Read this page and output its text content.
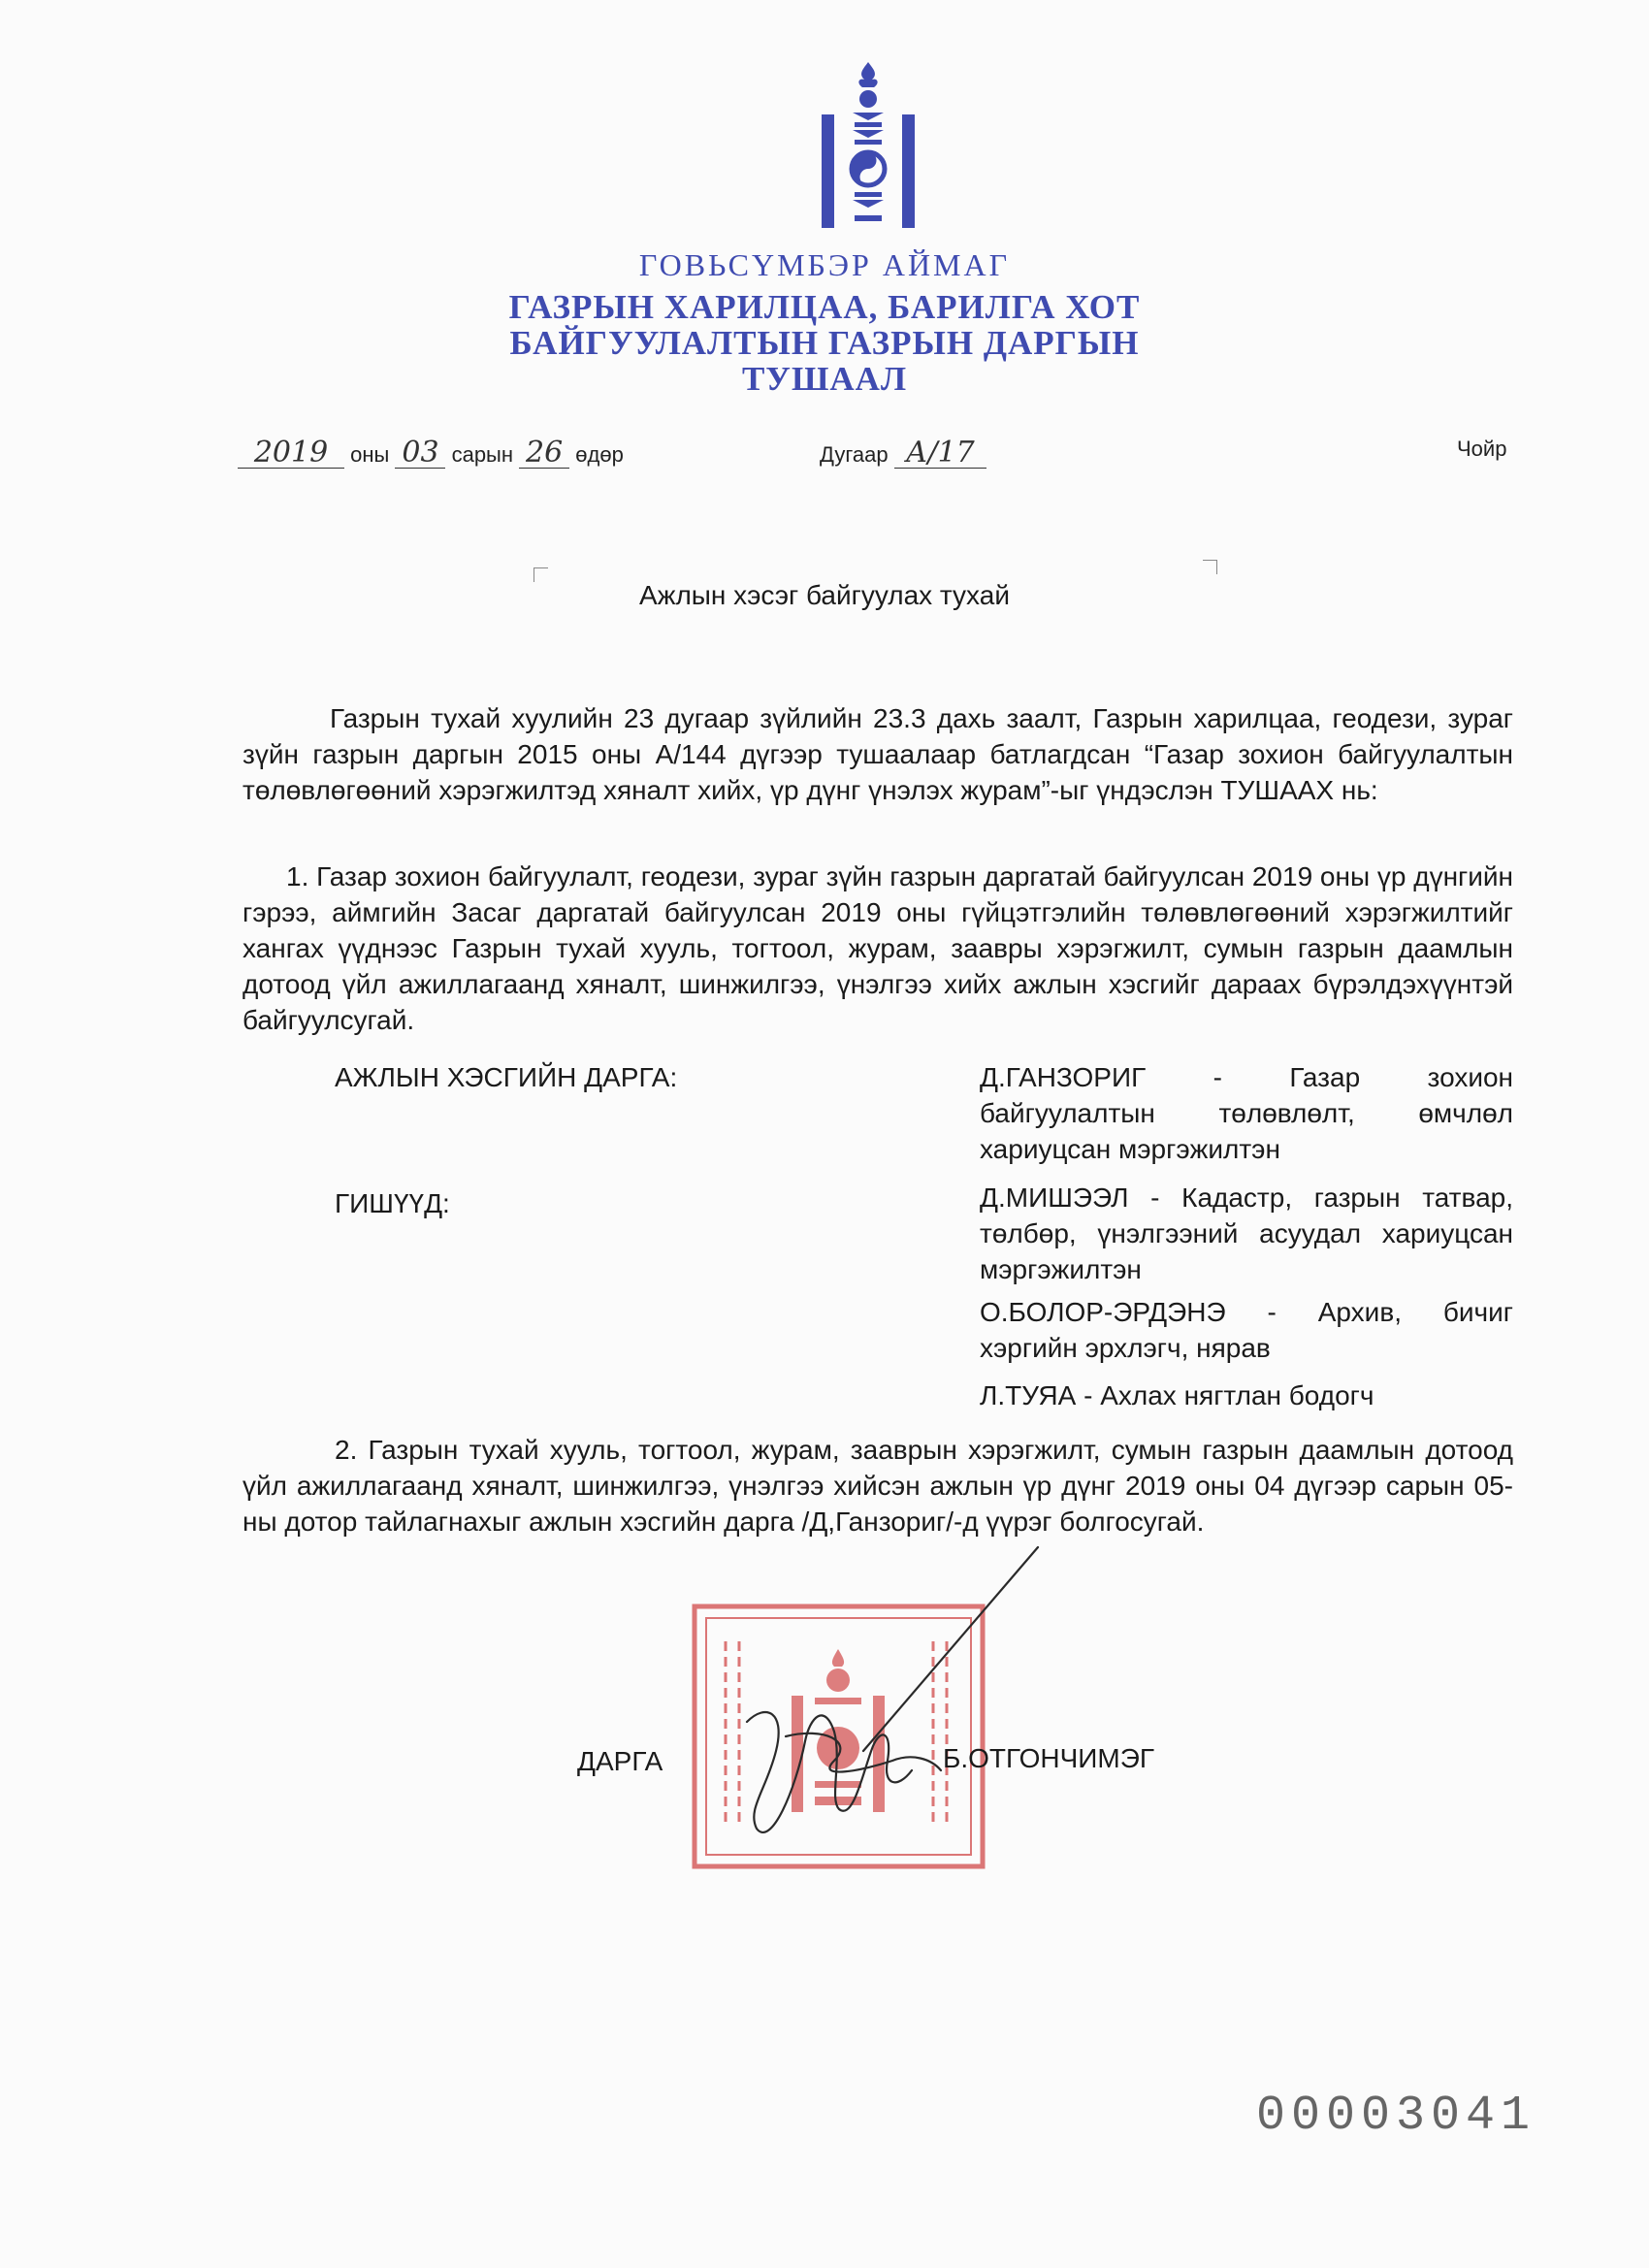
ГОВЬСҮМБЭР АЙМАГ
ГАЗРЫН ХАРИЛЦАА, БАРИЛГА ХОТ
БАЙГУУЛАЛТЫН ГАЗРЫН ДАРГЫН
ТУШААЛ
2019 оны 03 сарын 26 өдөр	Дугаар А/17	Чойр
Ажлын хэсэг байгуулах тухай
Газрын тухай хуулийн 23 дугаар зүйлийн 23.3 дахь заалт, Газрын харилцаа, геодези, зураг зүйн газрын даргын 2015 оны А/144 дүгээр тушаалаар батлагдсан “Газар зохион байгуулалтын төлөвлөгөөний хэрэгжилтэд хяналт хийх, үр дүнг үнэлэх журам”-ыг үндэслэн ТУШААХ нь:
1. Газар зохион байгуулалт, геодези, зураг зүйн газрын даргатай байгуулсан 2019 оны үр дүнгийн гэрээ, аймгийн Засаг даргатай байгуулсан 2019 оны гүйцэтгэлийн төлөвлөгөөний хэрэгжилтийг хангах үүднээс Газрын тухай хууль, тогтоол, журам, заавры хэрэгжилт, сумын газрын даамлын дотоод үйл ажиллагаанд хяналт, шинжилгээ, үнэлгээ хийх ажлын хэсгийг дараах бүрэлдэхүүнтэй байгуулсугай.
АЖЛЫН ХЭСГИЙН ДАРГА:	Д.ГАНЗОРИГ - Газар зохион байгуулалтын төлөвлөлт, өмчлөл хариуцсан мэргэжилтэн
ГИШҮҮД:	Д.МИШЭЭЛ - Кадастр, газрын татвар, төлбөр, үнэлгээний асуудал хариуцсан мэргэжилтэн
О.БОЛОР-ЭРДЭНЭ - Архив, бичиг хэргийн эрхлэгч, нярав
Л.ТУЯА - Ахлах нягтлан бодогч
2. Газрын тухай хууль, тогтоол, журам, зааврын хэрэгжилт, сумын газрын даамлын дотоод үйл ажиллагаанд хяналт, шинжилгээ, үнэлгээ хийсэн ажлын үр дүнг 2019 оны 04 дүгээр сарын 05-ны дотор тайлагнахыг ажлын хэсгийн дарга /Д,Ганзориг/-д үүрэг болгосугай.
ДАРГА	Б.ОТГОНЧИМЭГ
00003041
